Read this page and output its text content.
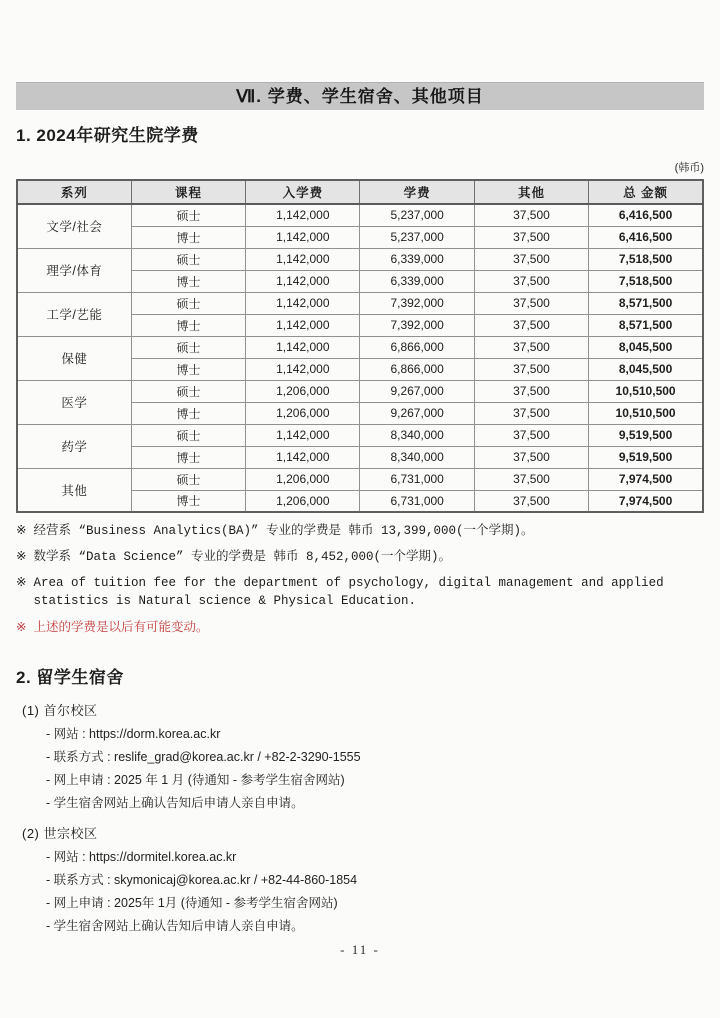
Ⅶ. 学费、学生宿舍、其他项目
1. 2024年研究生院学费
(韩币)
系列	课程	入学费	学费	其他	总 金额
文学/社会	硕士	1,142,000	5,237,000	37,500	6,416,500
	博士	1,142,000	5,237,000	37,500	6,416,500
理学/体育	硕士	1,142,000	6,339,000	37,500	7,518,500
	博士	1,142,000	6,339,000	37,500	7,518,500
工学/艺能	硕士	1,142,000	7,392,000	37,500	8,571,500
	博士	1,142,000	7,392,000	37,500	8,571,500
保健	硕士	1,142,000	6,866,000	37,500	8,045,500
	博士	1,142,000	6,866,000	37,500	8,045,500
医学	硕士	1,206,000	9,267,000	37,500	10,510,500
	博士	1,206,000	9,267,000	37,500	10,510,500
药学	硕士	1,142,000	8,340,000	37,500	9,519,500
	博士	1,142,000	8,340,000	37,500	9,519,500
其他	硕士	1,206,000	6,731,000	37,500	7,974,500
	博士	1,206,000	6,731,000	37,500	7,974,500
※ 经营系 “Business Analytics(BA)” 专业的学费是 韩币 13,399,000(一个学期)。
※ 数学系 “Data Science” 专业的学费是 韩币 8,452,000(一个学期)。
※ Area of tuition fee for the department of psychology, digital management and applied statistics is Natural science & Physical Education.
※ 上述的学费是以后有可能变动。
2. 留学生宿舍
(1) 首尔校区
- 网站 : https://dorm.korea.ac.kr
- 联系方式 : reslife_grad@korea.ac.kr / +82-2-3290-1555
- 网上申请 : 2025 年 1 月 (待通知 - 参考学生宿舍网站)
- 学生宿舍网站上确认告知后申请人亲自申请。
(2) 世宗校区
- 网站 : https://dormitel.korea.ac.kr
- 联系方式 : skymonicaj@korea.ac.kr / +82-44-860-1854
- 网上申请 : 2025年 1月 (待通知 - 参考学生宿舍网站)
- 学生宿舍网站上确认告知后申请人亲自申请。
- 11 -
